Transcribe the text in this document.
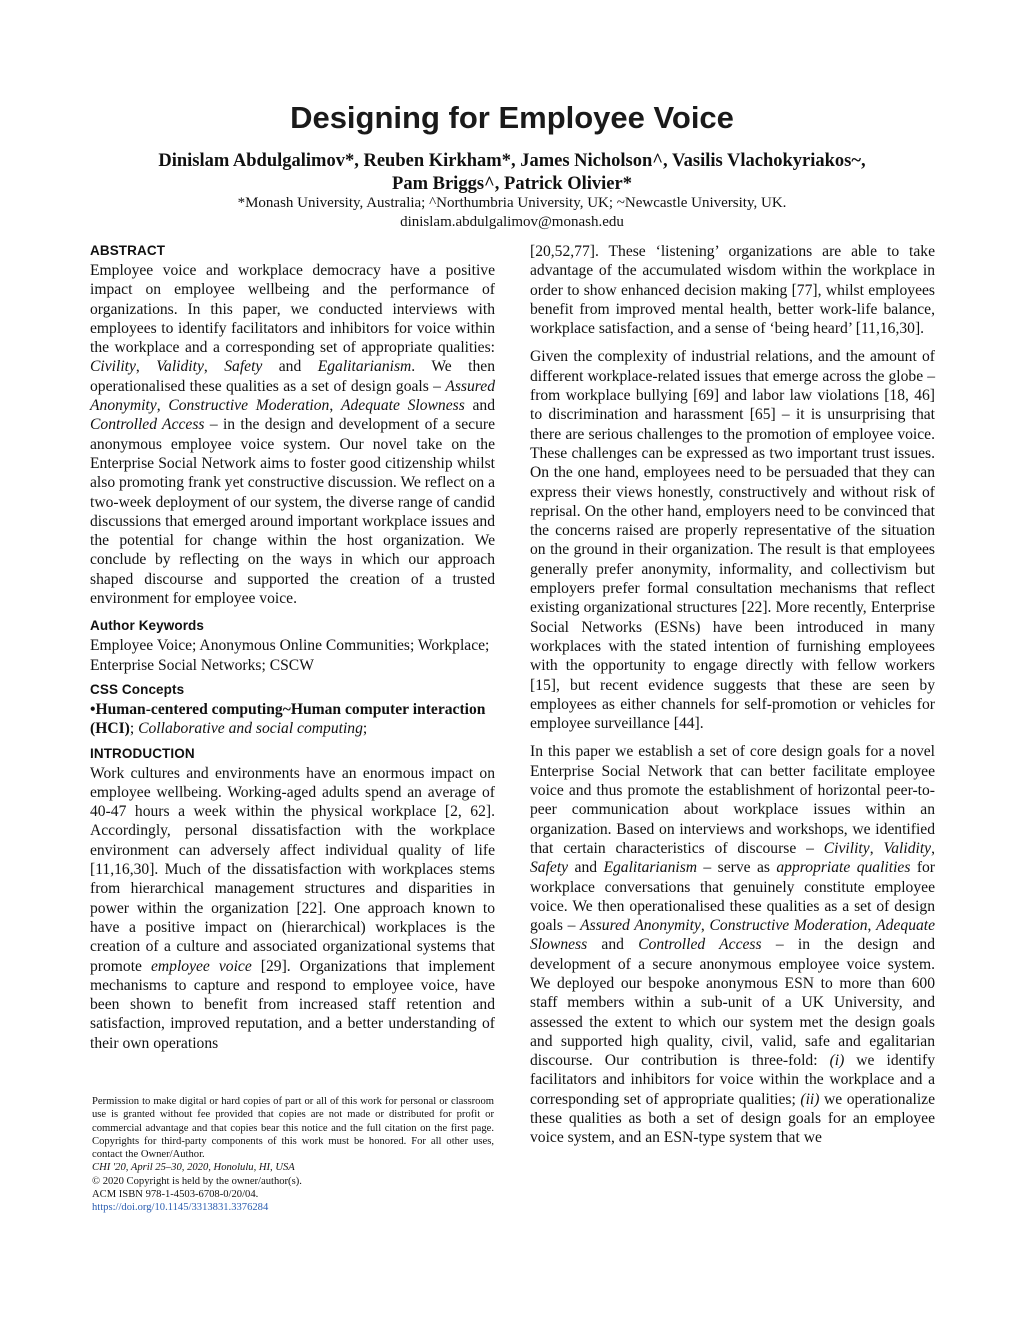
Designing for Employee Voice
Dinislam Abdulgalimov*, Reuben Kirkham*, James Nicholson^, Vasilis Vlachokyriakos~,
Pam Briggs^, Patrick Olivier*
*Monash University, Australia; ^Northumbria University, UK; ~Newcastle University, UK.
dinislam.abdulgalimov@monash.edu
ABSTRACT

Employee voice and workplace democracy have a positive impact on employee wellbeing and the performance of organizations. In this paper, we conducted interviews with employees to identify facilitators and inhibitors for voice within the workplace and a corresponding set of appropriate qualities: Civility, Validity, Safety and Egalitarianism. We then operationalised these qualities as a set of design goals – Assured Anonymity, Constructive Moderation, Adequate Slowness and Controlled Access – in the design and development of a secure anonymous employee voice system. Our novel take on the Enterprise Social Network aims to foster good citizenship whilst also promoting frank yet constructive discussion. We reflect on a two-week deployment of our system, the diverse range of candid discussions that emerged around important workplace issues and the potential for change within the host organization. We conclude by reflecting on the ways in which our approach shaped discourse and supported the creation of a trusted environment for employee voice.

Author Keywords

Employee Voice; Anonymous Online Communities; Workplace; Enterprise Social Networks; CSCW

CSS Concepts

•Human-centered computing~Human computer interaction (HCI); Collaborative and social computing;

INTRODUCTION

Work cultures and environments have an enormous impact on employee wellbeing. Working-aged adults spend an average of 40-47 hours a week within the physical workplace [2, 62]. Accordingly, personal dissatisfaction with the workplace environment can adversely affect individual quality of life [11,16,30]. Much of the dissatisfaction with workplaces stems from hierarchical management structures and disparities in power within the organization [22]. One approach known to have a positive impact on (hierarchical) workplaces is the creation of a culture and associated organizational systems that promote employee voice [29]. Organizations that implement mechanisms to capture and respond to employee voice, have been shown to benefit from increased staff retention and satisfaction, improved reputation, and a better understanding of their own operations

Permission to make digital or hard copies of part or all of this work for personal or classroom use is granted without fee provided that copies are not made or distributed for profit or commercial advantage and that copies bear this notice and the full citation on the first page. Copyrights for third-party components of this work must be honored. For all other uses, contact the Owner/Author.
CHI '20, April 25–30, 2020, Honolulu, HI, USA
© 2020 Copyright is held by the owner/author(s).
ACM ISBN 978-1-4503-6708-0/20/04.
https://doi.org/10.1145/3313831.3376284

[20,52,77]. These ‘listening’ organizations are able to take advantage of the accumulated wisdom within the workplace in order to show enhanced decision making [77], whilst employees benefit from improved mental health, better work-life balance, workplace satisfaction, and a sense of ‘being heard’ [11,16,30].

Given the complexity of industrial relations, and the amount of different workplace-related issues that emerge across the globe – from workplace bullying [69] and labor law violations [18, 46] to discrimination and harassment [65] – it is unsurprising that there are serious challenges to the promotion of employee voice. These challenges can be expressed as two important trust issues. On the one hand, employees need to be persuaded that they can express their views honestly, constructively and without risk of reprisal. On the other hand, employers need to be convinced that the concerns raised are properly representative of the situation on the ground in their organization. The result is that employees generally prefer anonymity, informality, and collectivism but employers prefer formal consultation mechanisms that reflect existing organizational structures [22]. More recently, Enterprise Social Networks (ESNs) have been introduced in many workplaces with the stated intention of furnishing employees with the opportunity to engage directly with fellow workers [15], but recent evidence suggests that these are seen by employees as either channels for self-promotion or vehicles for employee surveillance [44].

In this paper we establish a set of core design goals for a novel Enterprise Social Network that can better facilitate employee voice and thus promote the establishment of horizontal peer-to-peer communication about workplace issues within an organization. Based on interviews and workshops, we identified that certain characteristics of discourse – Civility, Validity, Safety and Egalitarianism – serve as appropriate qualities for workplace conversations that genuinely constitute employee voice. We then operationalised these qualities as a set of design goals – Assured Anonymity, Constructive Moderation, Adequate Slowness and Controlled Access – in the design and development of a secure anonymous employee voice system. We deployed our bespoke anonymous ESN to more than 600 staff members within a sub-unit of a UK University, and assessed the extent to which our system met the design goals and supported high quality, civil, valid, safe and egalitarian discourse. Our contribution is three-fold: (i) we identify facilitators and inhibitors for voice within the workplace and a corresponding set of appropriate qualities; (ii) we operationalize these qualities as both a set of design goals for an employee voice system, and an ESN-type system that we
